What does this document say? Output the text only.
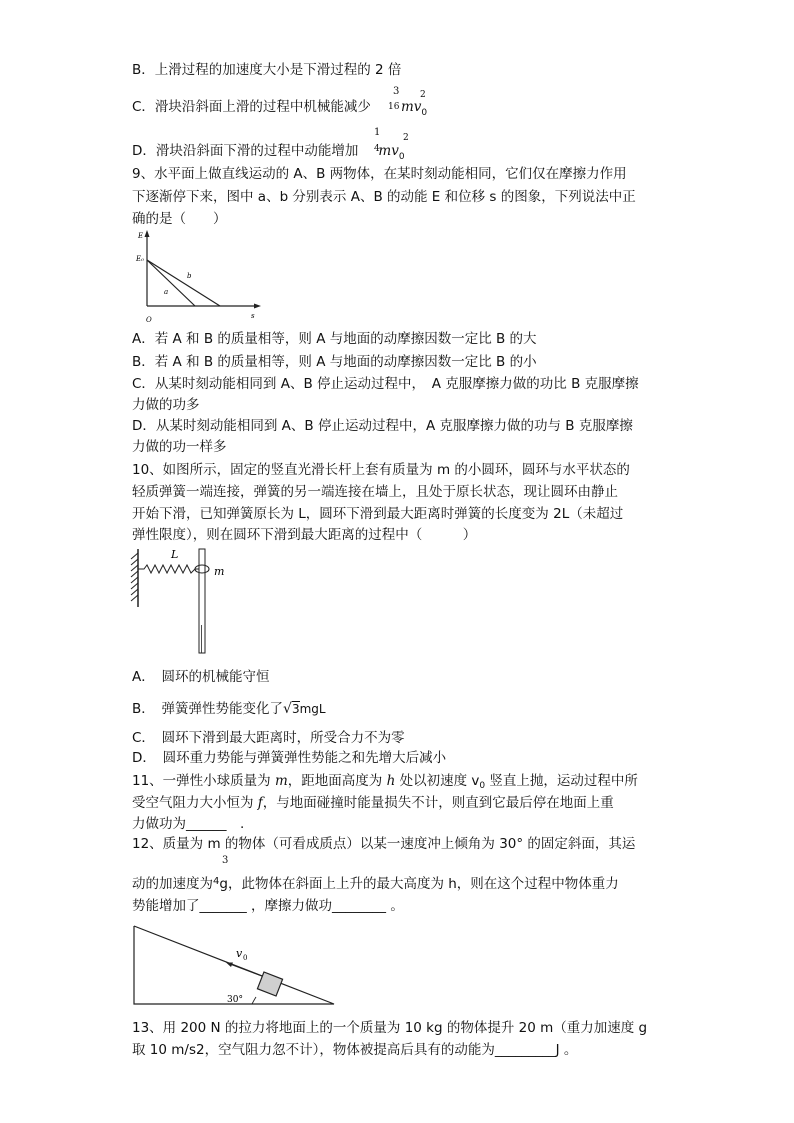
B．上滑过程的加速度大小是下滑过程的 2 倍
C．滑块沿斜面上滑的过程中机械能减少 $mv_0$
3
16
2
D．滑块沿斜面下滑的过程中动能增加 $mv_0$
1
4
2
9、水平面上做直线运动的 A、B 两物体，在某时刻动能相同，它们仅在摩擦力作用
下逐渐停下来，图中 a、b 分别表示 A、B 的动能 E 和位移 s 的图象，下列说法中正
确的是（　　）
E
E₀
a
b
O	s
A．若 A 和 B 的质量相等，则 A 与地面的动摩擦因数一定比 B 的大
B．若 A 和 B 的质量相等，则 A 与地面的动摩擦因数一定比 B 的小
C．从某时刻动能相同到 A、B 停止运动过程中，　A 克服摩擦力做的功比 B 克服摩擦
力做的功多
D．从某时刻动能相同到 A、B 停止运动过程中，A 克服摩擦力做的功与 B 克服摩擦
力做的功一样多
10、如图所示，固定的竖直光滑长杆上套有质量为 m 的小圆环，圆环与水平状态的
轻质弹簧一端连接，弹簧的另一端连接在墙上，且处于原长状态，现让圆环由静止
开始下滑，已知弹簧原长为 L，圆环下滑到最大距离时弹簧的长度变为 2L（未超过
弹性限度），则在圆环下滑到最大距离的过程中（　　　）
L
m
A．　圆环的机械能守恒
B．　弹簧弹性势能变化了√3mgL
C．　圆环下滑到最大距离时，所受合力不为零
D．　圆环重力势能与弹簧弹性势能之和先增大后减小
11、一弹性小球质量为 m，距地面高度为 h 处以初速度 $v_0$ 竖直上抛，运动过程中所
受空气阻力大小恒为 f，与地面碰撞时能量损失不计，则直到它最后停在地面上重
力做功为______　.
12、质量为 m 的物体（可看成质点）以某一速度冲上倾角为 30° 的固定斜面，其运
3
动的加速度为$^4$g，此物体在斜面上上升的最大高度为 h，则在这个过程中物体重力
势能增加了_______ ，摩擦力做功________ 。
v 0
30°
13、用 200 N 的拉力将地面上的一个质量为 10 kg 的物体提升 20 m（重力加速度 g
取 10 m/s2，空气阻力忽不计），物体被提高后具有的动能为_________J 。
